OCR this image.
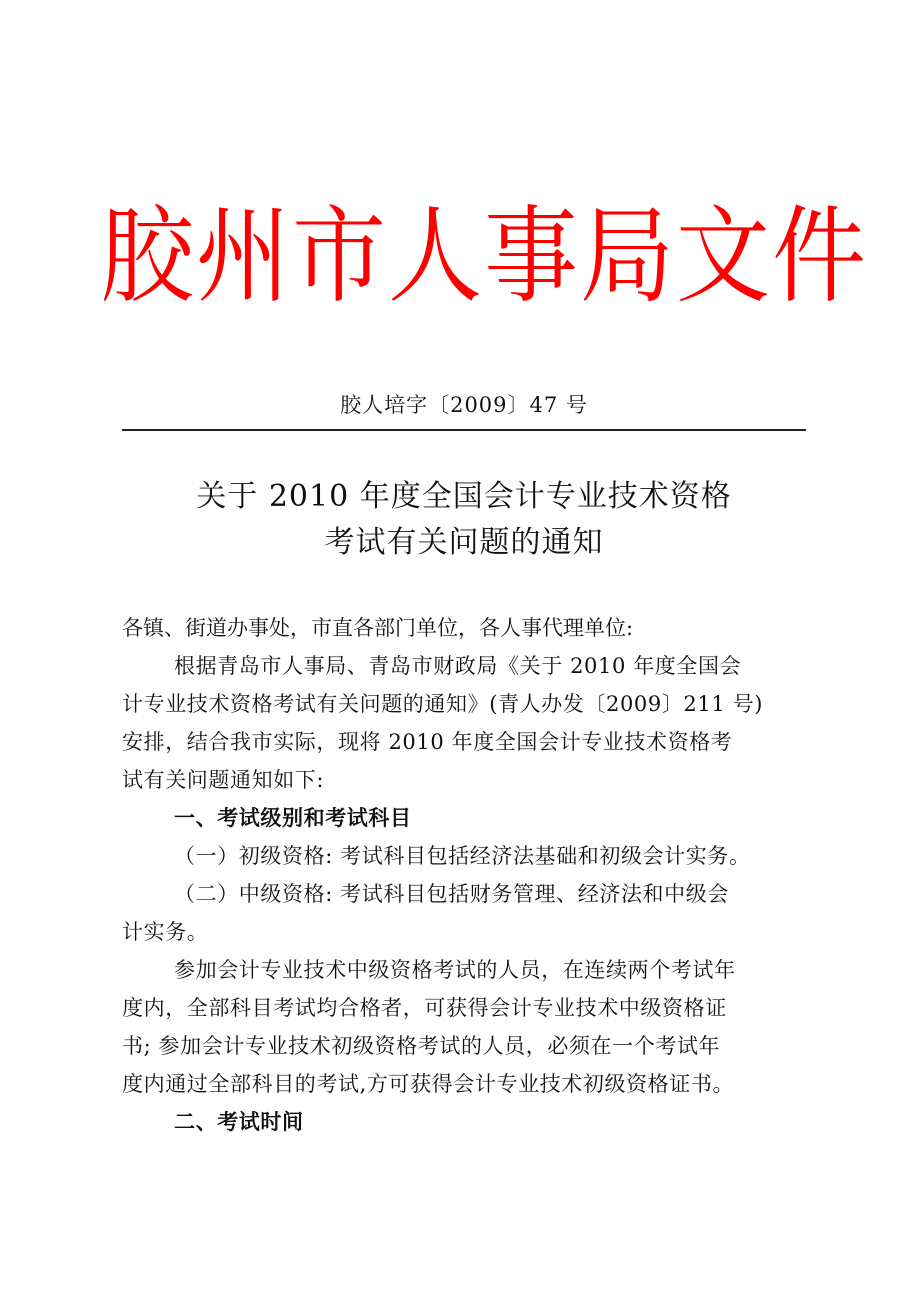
胶州市人事局文件
胶人培字〔2009〕47 号
关于 2010 年度全国会计专业技术资格
考试有关问题的通知
各镇、街道办事处，市直各部门单位，各人事代理单位:
根据青岛市人事局、青岛市财政局《关于 2010 年度全国会
计专业技术资格考试有关问题的通知》(青人办发〔2009〕211 号)
安排，结合我市实际，现将 2010 年度全国会计专业技术资格考
试有关问题通知如下:
一、考试级别和考试科目
（一）初级资格: 考试科目包括经济法基础和初级会计实务。
（二）中级资格: 考试科目包括财务管理、经济法和中级会
计实务。
参加会计专业技术中级资格考试的人员，在连续两个考试年
度内，全部科目考试均合格者，可获得会计专业技术中级资格证
书; 参加会计专业技术初级资格考试的人员，必须在一个考试年
度内通过全部科目的考试,方可获得会计专业技术初级资格证书。
二、考试时间
